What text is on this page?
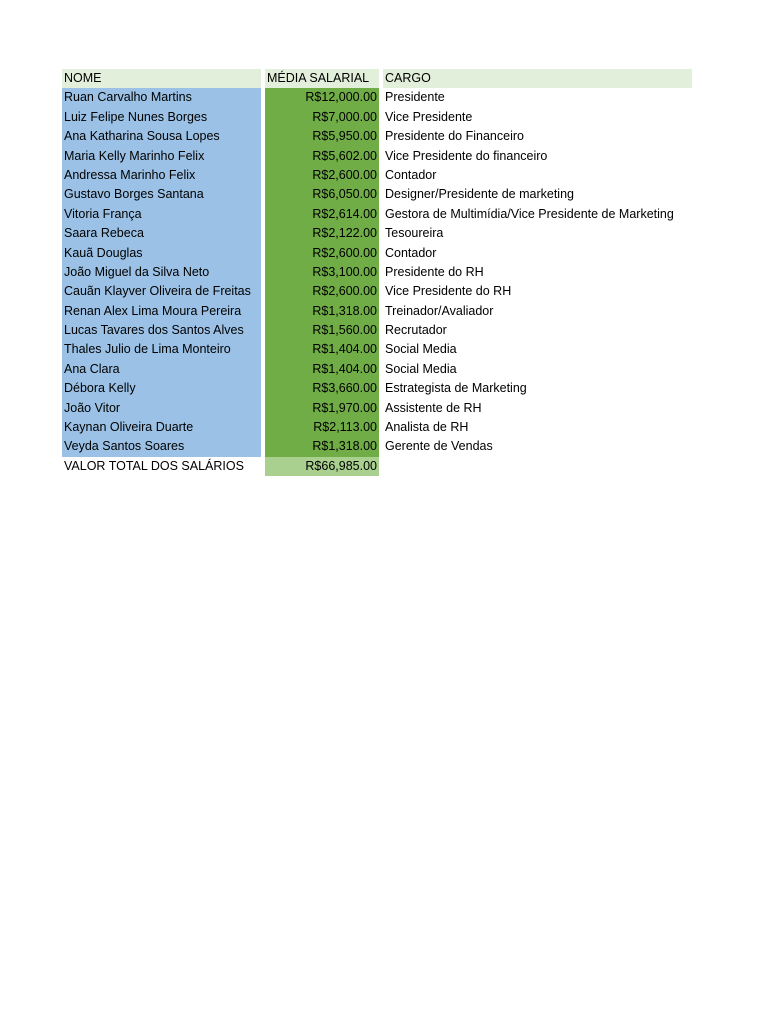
NOME	MÉDIA SALARIAL	CARGO
Ruan Carvalho Martins	R$12,000.00 Presidente
Luiz Felipe Nunes Borges	R$7,000.00 Vice Presidente
Ana Katharina Sousa Lopes	R$5,950.00 Presidente do Financeiro
Maria Kelly Marinho Felix	R$5,602.00 Vice Presidente do financeiro
Andressa Marinho Felix	R$2,600.00 Contador
Gustavo Borges Santana	R$6,050.00 Designer/Presidente de marketing
Vitoria França	R$2,614.00 Gestora de Multimídia/Vice Presidente de Marketing
Saara Rebeca	R$2,122.00 Tesoureira
Kauã Douglas	R$2,600.00 Contador
João Miguel da Silva Neto	R$3,100.00 Presidente do RH
Cauãn Klayver Oliveira de Freitas	R$2,600.00 Vice Presidente do RH
Renan Alex Lima Moura Pereira	R$1,318.00 Treinador/Avaliador
Lucas Tavares dos Santos Alves	R$1,560.00 Recrutador
Thales Julio de Lima Monteiro	R$1,404.00 Social Media
Ana Clara	R$1,404.00 Social Media
Débora Kelly	R$3,660.00 Estrategista de Marketing
João Vitor	R$1,970.00 Assistente de RH
Kaynan Oliveira Duarte	R$2,113.00 Analista de RH
Veyda Santos Soares	R$1,318.00 Gerente de Vendas
VALOR TOTAL DOS SALÁRIOS	R$66,985.00
